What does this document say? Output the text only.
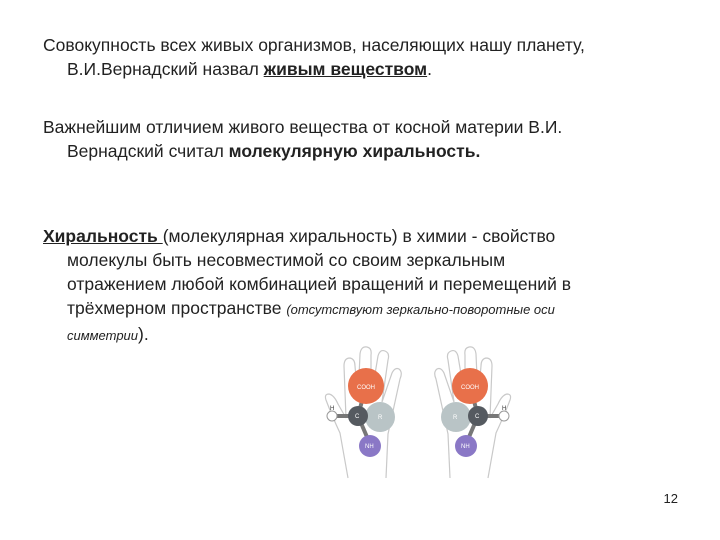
Совокупность всех живых организмов, населяющих нашу планету,
В.И.Вернадский назвал живым веществом.
Важнейшим отличием живого вещества от косной материи В.И.
Вернадский считал молекулярную хиральность.
Хиральность (молекулярная хиральность) в химии - свойство
молекулы быть несовместимой со своим зеркальным
отражением любой комбинацией вращений и перемещений в
трёхмерном пространстве (отсутствуют зеркально-поворотные оси
симметрии).
COOH
H
C	R
NH
COOH
H
C
R
NH
12
